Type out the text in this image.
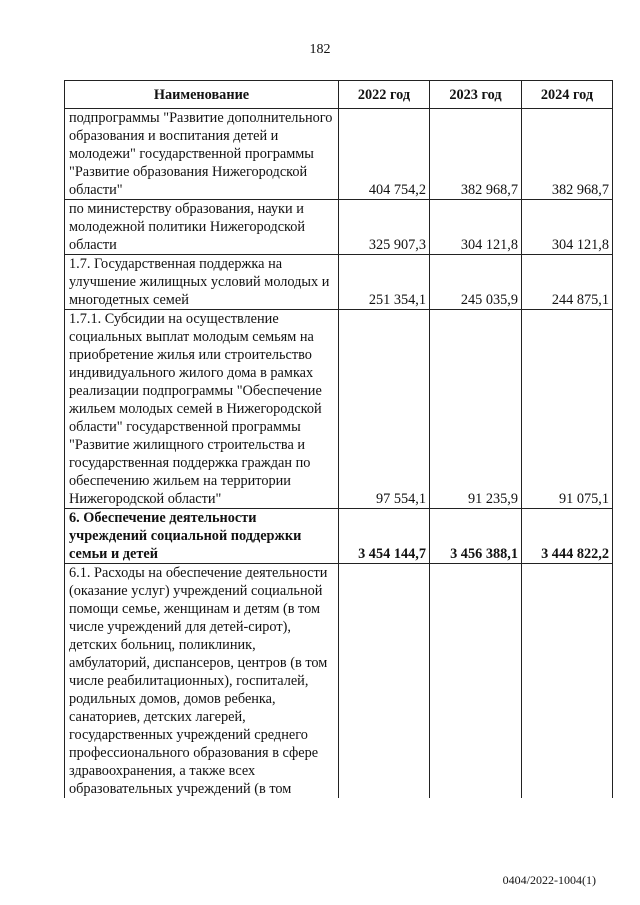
182
Наименование	2022 год	2023 год	2024 год
подпрограммы "Развитие дополнительного образования и воспитания детей и молодежи" государственной программы "Развитие образования Нижегородской области"	404 754,2	382 968,7	382 968,7
по министерству образования, науки и молодежной политики Нижегородской области	325 907,3	304 121,8	304 121,8
1.7. Государственная поддержка на улучшение жилищных условий молодых и многодетных семей	251 354,1	245 035,9	244 875,1
1.7.1. Субсидии на осуществление социальных выплат молодым семьям на приобретение жилья или строительство индивидуального жилого дома в рамках реализации подпрограммы "Обеспечение жильем молодых семей в Нижегородской области" государственной программы "Развитие жилищного строительства и государственная поддержка граждан по обеспечению жильем на территории Нижегородской области"	97 554,1	91 235,9	91 075,1
6. Обеспечение деятельности учреждений социальной поддержки семьи и детей	3 454 144,7	3 456 388,1	3 444 822,2
6.1. Расходы на обеспечение деятельности (оказание услуг) учреждений социальной помощи семье, женщинам и детям (в том числе учреждений для детей-сирот), детских больниц, поликлиник, амбулаторий, диспансеров, центров (в том числе реабилитационных), госпиталей, родильных домов, домов ребенка, санаториев, детских лагерей, государственных учреждений среднего профессионального образования в сфере здравоохранения, а также всех образовательных учреждений (в том			
0404/2022-1004(1)
